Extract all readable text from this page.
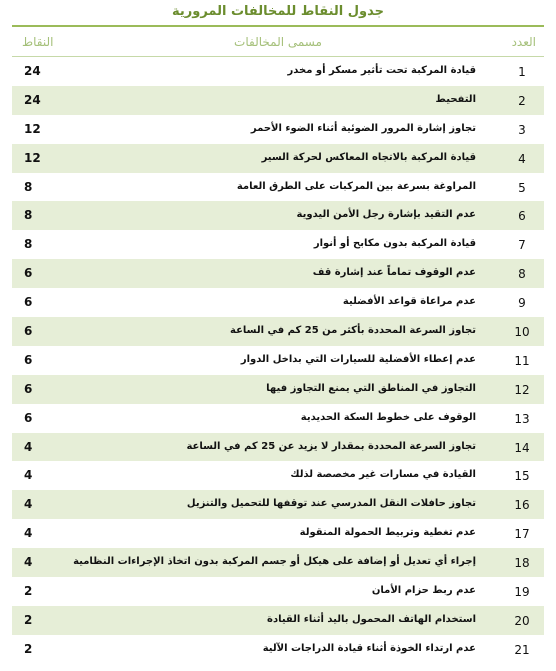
جدول النقاط للمخالفات المرورية
العدد
مسمى المخالفات
النقاط
1
قيادة المركبة تحت تأثير مسكر أو مخدر
24
2
التفحيط
24
3
تجاوز إشارة المرور الضوئية أثناء الضوء الأحمر
12
4
قيادة المركبة بالاتجاه المعاكس لحركة السير
12
5
المراوغة بسرعة بين المركبات على الطرق العامة
8
6
عدم التقيد بإشارة رجل الأمن اليدوية
8
7
قيادة المركبة بدون مكابح أو أنوار
8
8
عدم الوقوف تماماً عند إشارة قف
6
9
عدم مراعاة قواعد الأفضلية
6
10
تجاوز السرعة المحددة بأكثر من 25 كم في الساعة
6
11
عدم إعطاء الأفضلية للسيارات التي بداخل الدوار
6
12
التجاوز في المناطق التي يمنع التجاوز فيها
6
13
الوقوف على خطوط السكة الحديدية
6
14
تجاوز السرعة المحددة بمقدار لا يزيد عن 25 كم في الساعة
4
15
القيادة في مسارات غير مخصصة لذلك
4
16
تجاوز حافلات النقل المدرسي عند توقفها للتحميل والتنزيل
4
17
عدم تغطية وتربيط الحمولة المنقولة
4
18
إجراء أي تعديل أو إضافة على هيكل أو جسم المركبة بدون اتخاذ الإجراءات النظامية
4
19
عدم ربط حزام الأمان
2
20
استخدام الهاتف المحمول باليد أثناء القيادة
2
21
عدم ارتداء الخوذة أثناء قيادة الدراجات الآلية
2
